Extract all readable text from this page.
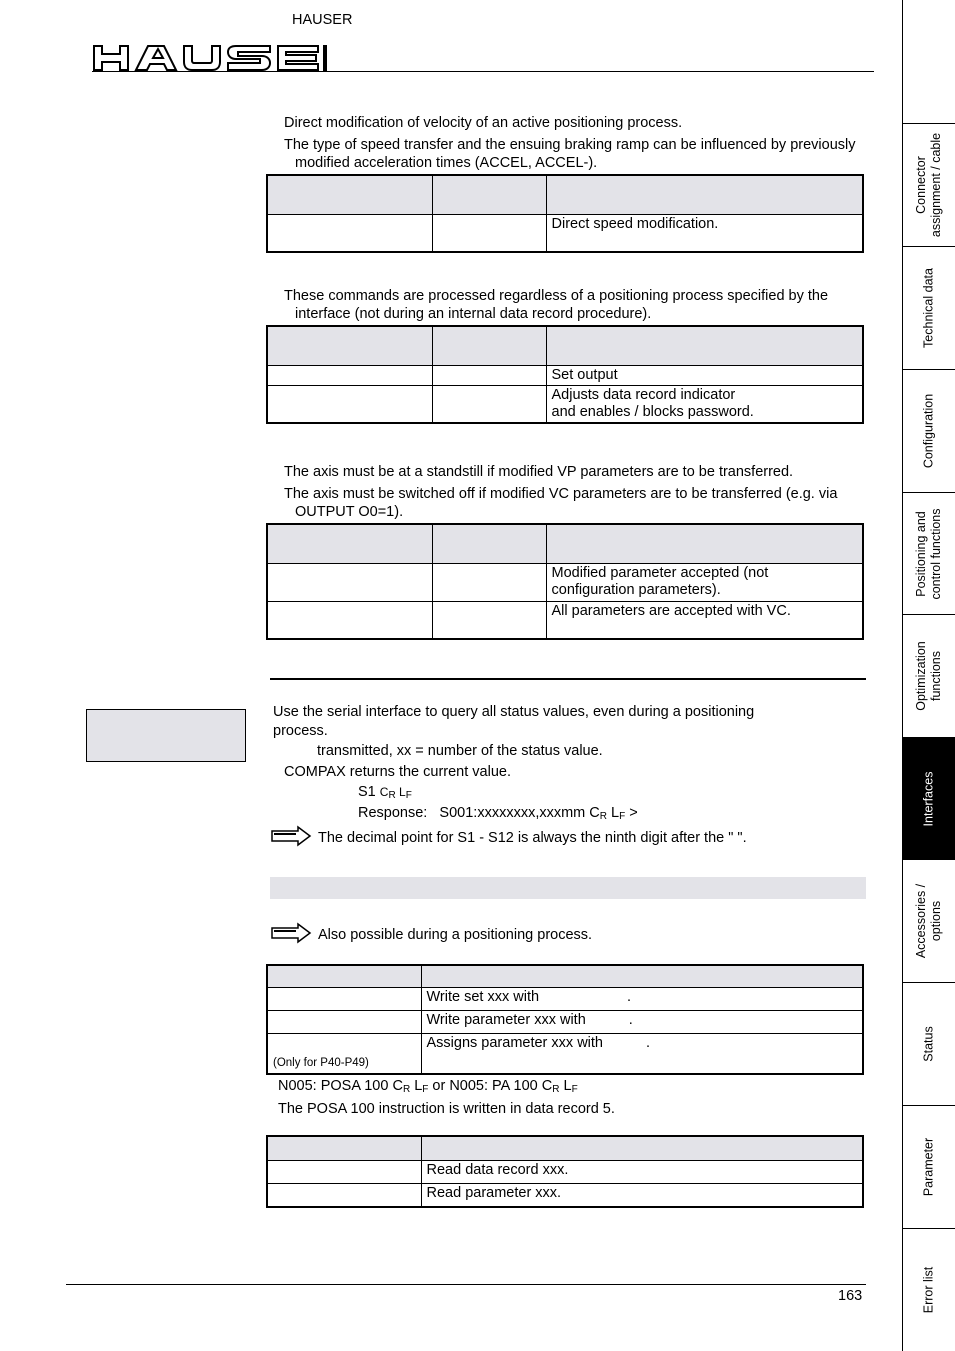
HAUSER
Direct modification of velocity of an active positioning process.
The type of speed transfer and the ensuing braking ramp can be influenced by previously modified acceleration times (ACCEL, ACCEL-).

		Direct speed modification.
These commands are processed regardless of a positioning process specified by the interface (not during an internal data record procedure).

		Set output

		Adjusts data record indicator
and enables / blocks password.
The axis must be at a standstill if modified VP parameters are to be transferred.
The axis must be switched off if modified VC parameters are to be transferred (e.g. via OUTPUT O0=1).

		Modified parameter accepted (not
configuration parameters).

		All parameters are accepted with VC.
Use the serial interface to query all status values, even during a positioning
process.
transmitted, xx = number of the status value.
COMPAX returns the current value.
S1 $C_R$ $L_F$
Response: S001:xxxxxxxx,xxxmm $C_R$ $L_F$ >
The decimal point for S1 - S12 is always the ninth digit after the " ".
Also possible during a positioning process.

	Write set xxx with .
	Write parameter xxx with .
(Only for P40-P49)	Assigns parameter xxx with .
N005: POSA 100 $C_R$ $L_F$ or N005: PA 100 $C_R$ $L_F$
The POSA 100 instruction is written in data record 5.

	Read data record xxx.
	Read parameter xxx.
163
Connector
assignment / cable
Technical data
Configuration
Positioning and
control functions
Optimization
functions
Interfaces
Accessories /
options
Status
Parameter
Error list
